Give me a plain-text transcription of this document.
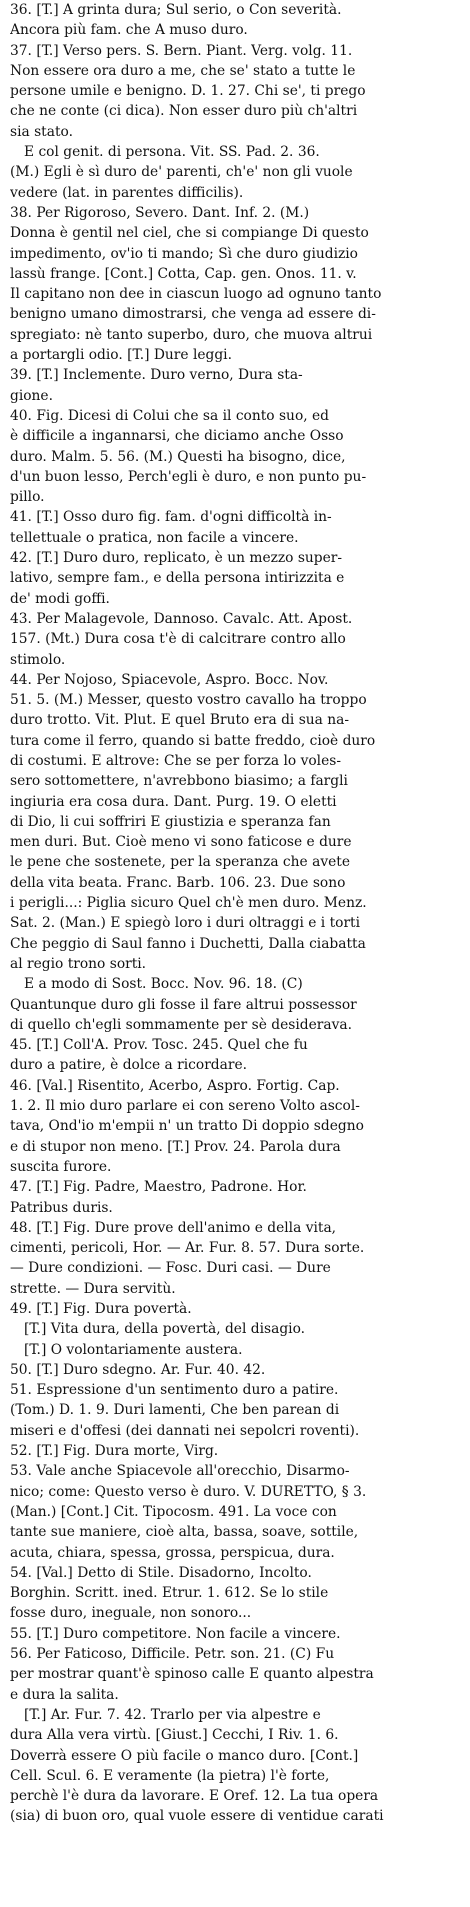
36. [T.] A grinta dura; Sul serio, o Con severità.
Ancora più fam. che A muso duro.
37. [T.] Verso pers. S. Bern. Piant. Verg. volg. 11.
Non essere ora duro a me, che se' stato a tutte le
persone umile e benigno. D. 1. 27. Chi se', ti prego
che ne conte (ci dica). Non esser duro più ch'altri
sia stato.
E col genit. di persona. Vit. SS. Pad. 2. 36.
(M.) Egli è sì duro de' parenti, ch'e' non gli vuole
vedere (lat. in parentes difficilis).
38. Per Rigoroso, Severo. Dant. Inf. 2. (M.)
Donna è gentil nel ciel, che si compiange Di questo
impedimento, ov'io ti mando; Sì che duro giudizio
lassù frange. [Cont.] Cotta, Cap. gen. Onos. 11. v.
Il capitano non dee in ciascun luogo ad ognuno tanto
benigno umano dimostrarsi, che venga ad essere di-
spregiato: nè tanto superbo, duro, che muova altrui
a portargli odio. [T.] Dure leggi.
39. [T.] Inclemente. Duro verno, Dura sta-
gione.
40. Fig. Dicesi di Colui che sa il conto suo, ed
è difficile a ingannarsi, che diciamo anche Osso
duro. Malm. 5. 56. (M.) Questi ha bisogno, dice,
d'un buon lesso, Perch'egli è duro, e non punto pu-
pillo.
41. [T.] Osso duro fig. fam. d'ogni difficoltà in-
tellettuale o pratica, non facile a vincere.
42. [T.] Duro duro, replicato, è un mezzo super-
lativo, sempre fam., e della persona intirizzita e
de' modi goffi.
43. Per Malagevole, Dannoso. Cavalc. Att. Apost.
157. (Mt.) Dura cosa t'è di calcitrare contro allo
stimolo.
44. Per Nojoso, Spiacevole, Aspro. Bocc. Nov.
51. 5. (M.) Messer, questo vostro cavallo ha troppo
duro trotto. Vit. Plut. E quel Bruto era di sua na-
tura come il ferro, quando si batte freddo, cioè duro
di costumi. E altrove: Che se per forza lo voles-
sero sottomettere, n'avrebbono biasimo; a fargli
ingiuria era cosa dura. Dant. Purg. 19. O eletti
di Dio, li cui soffriri E giustizia e speranza fan
men duri. But. Cioè meno vi sono faticose e dure
le pene che sostenete, per la speranza che avete
della vita beata. Franc. Barb. 106. 23. Due sono
i perigli...: Piglia sicuro Quel ch'è men duro. Menz.
Sat. 2. (Man.) E spiegò loro i duri oltraggi e i torti
Che peggio di Saul fanno i Duchetti, Dalla ciabatta
al regio trono sorti.
E a modo di Sost. Bocc. Nov. 96. 18. (C)
Quantunque duro gli fosse il fare altrui possessor
di quello ch'egli sommamente per sè desiderava.
45. [T.] Coll'A. Prov. Tosc. 245. Quel che fu
duro a patire, è dolce a ricordare.
46. [Val.] Risentito, Acerbo, Aspro. Fortig. Cap.
1. 2. Il mio duro parlare ei con sereno Volto ascol-
tava, Ond'io m'empii n' un tratto Di doppio sdegno
e di stupor non meno. [T.] Prov. 24. Parola dura
suscita furore.
47. [T.] Fig. Padre, Maestro, Padrone. Hor.
Patribus duris.
48. [T.] Fig. Dure prove dell'animo e della vita,
cimenti, pericoli, Hor. — Ar. Fur. 8. 57. Dura sorte.
— Dure condizioni. — Fosc. Duri casi. — Dure
strette. — Dura servitù.
49. [T.] Fig. Dura povertà.
[T.] Vita dura, della povertà, del disagio.
[T.] O volontariamente austera.
50. [T.] Duro sdegno. Ar. Fur. 40. 42.
51. Espressione d'un sentimento duro a patire.
(Tom.) D. 1. 9. Duri lamenti, Che ben parean di
miseri e d'offesi (dei dannati nei sepolcri roventi).
52. [T.] Fig. Dura morte, Virg.
53. Vale anche Spiacevole all'orecchio, Disarmo-
nico; come: Questo verso è duro. V. DURETTO, § 3.
(Man.) [Cont.] Cit. Tipocosm. 491. La voce con
tante sue maniere, cioè alta, bassa, soave, sottile,
acuta, chiara, spessa, grossa, perspicua, dura.
54. [Val.] Detto di Stile. Disadorno, Incolto.
Borghin. Scritt. ined. Etrur. 1. 612. Se lo stile
fosse duro, ineguale, non sonoro...
55. [T.] Duro competitore. Non facile a vincere.
56. Per Faticoso, Difficile. Petr. son. 21. (C) Fu
per mostrar quant'è spinoso calle E quanto alpestra
e dura la salita.
[T.] Ar. Fur. 7. 42. Trarlo per via alpestre e
dura Alla vera virtù. [Giust.] Cecchi, I Riv. 1. 6.
Doverrà essere O più facile o manco duro. [Cont.]
Cell. Scul. 6. E veramente (la pietra) l'è forte,
perchè l'è dura da lavorare. E Oref. 12. La tua opera
(sia) di buon oro, qual vuole essere di ventidue carati
